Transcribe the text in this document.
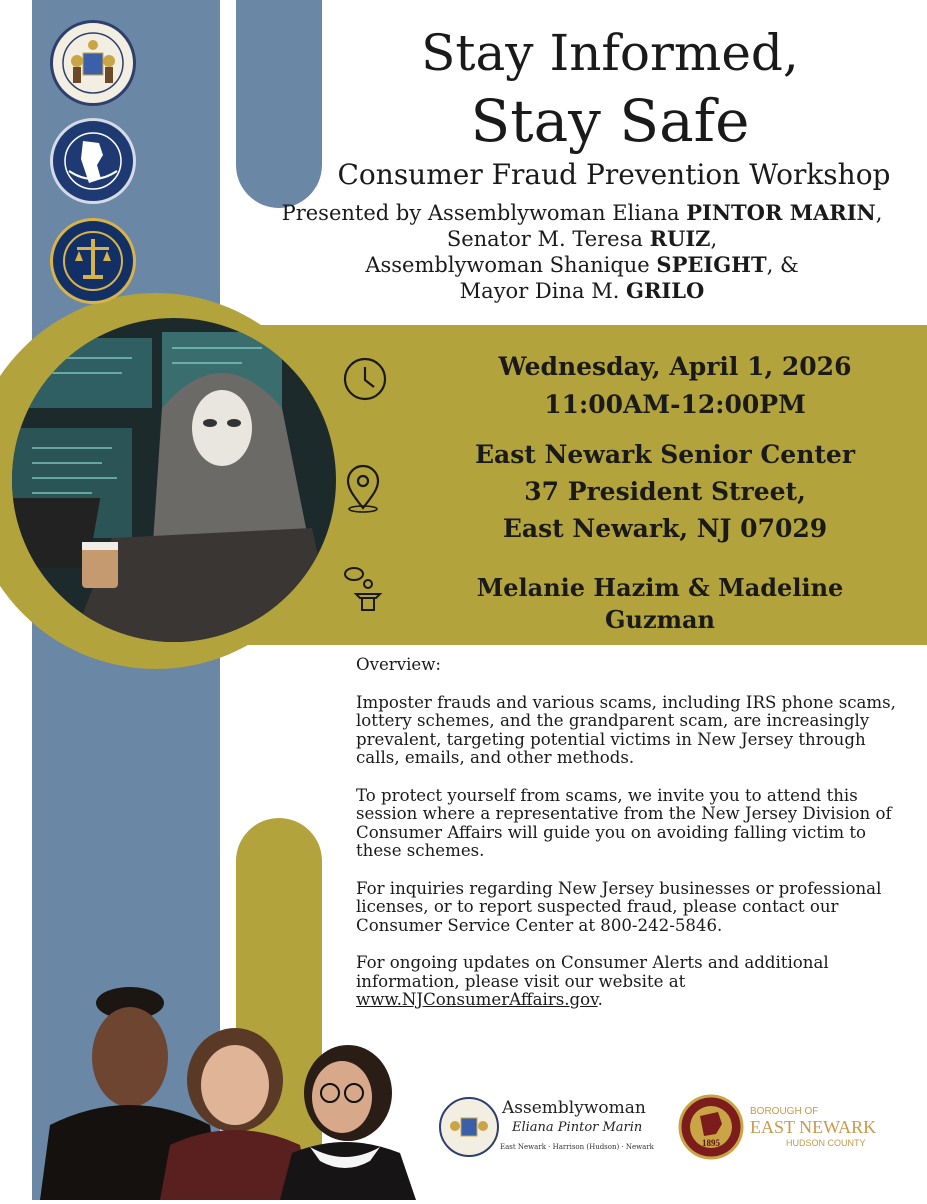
Stay Informed,
Stay Safe
Consumer Fraud Prevention Workshop
Presented by Assemblywoman Eliana PINTOR MARIN,
Senator M. Teresa RUIZ,
Assemblywoman Shanique SPEIGHT, &
Mayor Dina M. GRILO
Wednesday, April 1, 2026
11:00AM-12:00PM
East Newark Senior Center
37 President Street,
East Newark, NJ 07029
Melanie Hazim & Madeline Guzman

Overview:

Imposter frauds and various scams, including IRS phone scams, lottery schemes, and the grandparent scam, are increasingly prevalent, targeting potential victims in New Jersey through calls, emails, and other methods.

To protect yourself from scams, we invite you to attend this session where a representative from the New Jersey Division of Consumer Affairs will guide you on avoiding falling victim to these schemes.

For inquiries regarding New Jersey businesses or professional licenses, or to report suspected fraud, please contact our Consumer Service Center at 800-242-5846.

For ongoing updates on Consumer Alerts and additional information, please visit our website at www.NJConsumerAffairs.gov.

Assemblywoman
Eliana Pintor Marin
East Newark · Harrison (Hudson) · Newark	1895
BOROUGH OF
EAST NEWARK
HUDSON COUNTY
